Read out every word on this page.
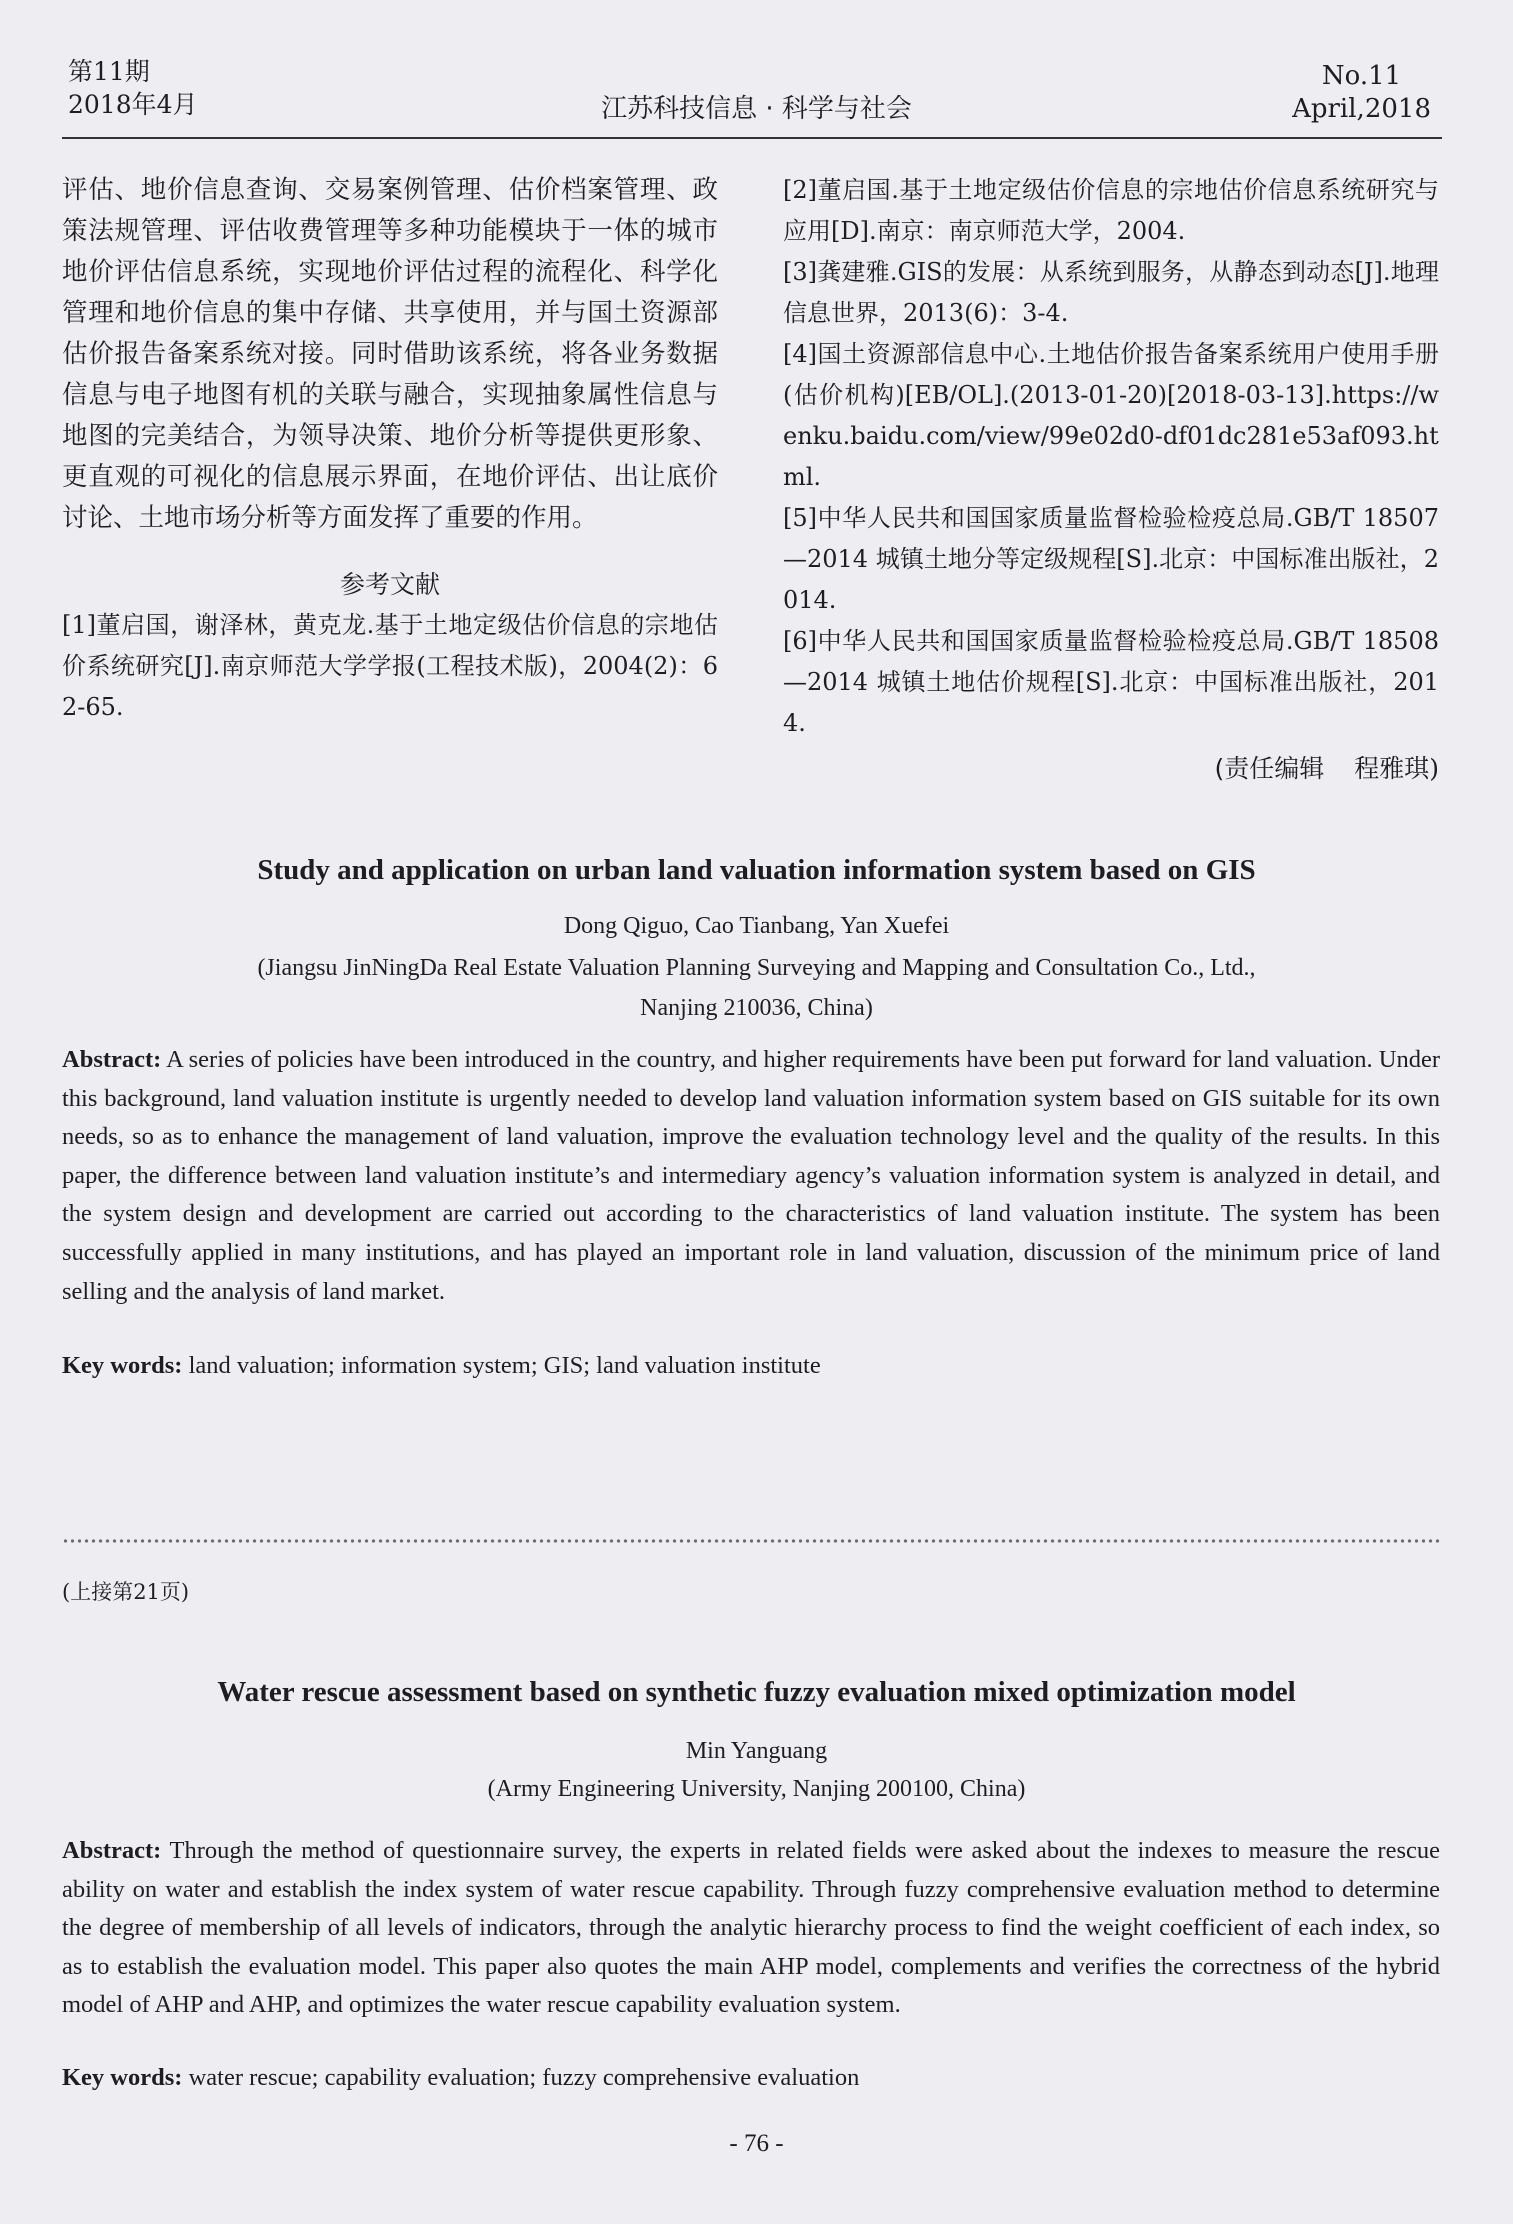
第11期
2018年4月	江苏科技信息 · 科学与社会
No.11
April,2018

评估、地价信息查询、交易案例管理、估价档案管理、政策法规管理、评估收费管理等多种功能模块于一体的城市地价评估信息系统，实现地价评估过程的流程化、科学化管理和地价信息的集中存储、共享使用，并与国土资源部估价报告备案系统对接。同时借助该系统，将各业务数据信息与电子地图有机的关联与融合，实现抽象属性信息与地图的完美结合，为领导决策、地价分析等提供更形象、更直观的可视化的信息展示界面，在地价评估、出让底价讨论、土地市场分析等方面发挥了重要的作用。

参考文献

[1]董启国，谢泽林，黄克龙.基于土地定级估价信息的宗地估价系统研究[J].南京师范大学学报(工程技术版)，2004(2)：62-65.

[2]董启国.基于土地定级估价信息的宗地估价信息系统研究与应用[D].南京：南京师范大学，2004.

[3]龚建雅.GIS的发展：从系统到服务，从静态到动态[J].地理信息世界，2013(6)：3-4.

[4]国土资源部信息中心.土地估价报告备案系统用户使用手册(估价机构)[EB/OL].(2013-01-20)[2018-03-13].https://wenku.baidu.com/view/99e02d0-df01dc281e53af093.html.

[5]中华人民共和国国家质量监督检验检疫总局.GB/T 18507—2014 城镇土地分等定级规程[S].北京：中国标准出版社，2014.

[6]中华人民共和国国家质量监督检验检疫总局.GB/T 18508—2014 城镇土地估价规程[S].北京：中国标准出版社，2014.

(责任编辑 程雅琪)
Study and application on urban land valuation information system based on GIS
Dong Qiguo, Cao Tianbang, Yan Xuefei
(Jiangsu JinNingDa Real Estate Valuation Planning Surveying and Mapping and Consultation Co., Ltd.,
Nanjing 210036, China)

Abstract: A series of policies have been introduced in the country, and higher requirements have been put forward for land valuation. Under this background, land valuation institute is urgently needed to develop land valuation information system based on GIS suitable for its own needs, so as to enhance the management of land valuation, improve the evaluation technology level and the quality of the results. In this paper, the difference between land valuation institute’s and intermediary agency’s valuation information system is analyzed in detail, and the system design and development are carried out according to the characteristics of land valuation institute. The system has been successfully applied in many institutions, and has played an important role in land valuation, discussion of the minimum price of land selling and the analysis of land market.

Key words: land valuation; information system; GIS; land valuation institute
(上接第21页)
Water rescue assessment based on synthetic fuzzy evaluation mixed optimization model
Min Yanguang
(Army Engineering University, Nanjing 200100, China)

Abstract: Through the method of questionnaire survey, the experts in related fields were asked about the indexes to measure the rescue ability on water and establish the index system of water rescue capability. Through fuzzy comprehensive evaluation method to determine the degree of membership of all levels of indicators, through the analytic hierarchy process to find the weight coefficient of each index, so as to establish the evaluation model. This paper also quotes the main AHP model, complements and verifies the correctness of the hybrid model of AHP and AHP, and optimizes the water rescue capability evaluation system.

Key words: water rescue; capability evaluation; fuzzy comprehensive evaluation
- 76 -
